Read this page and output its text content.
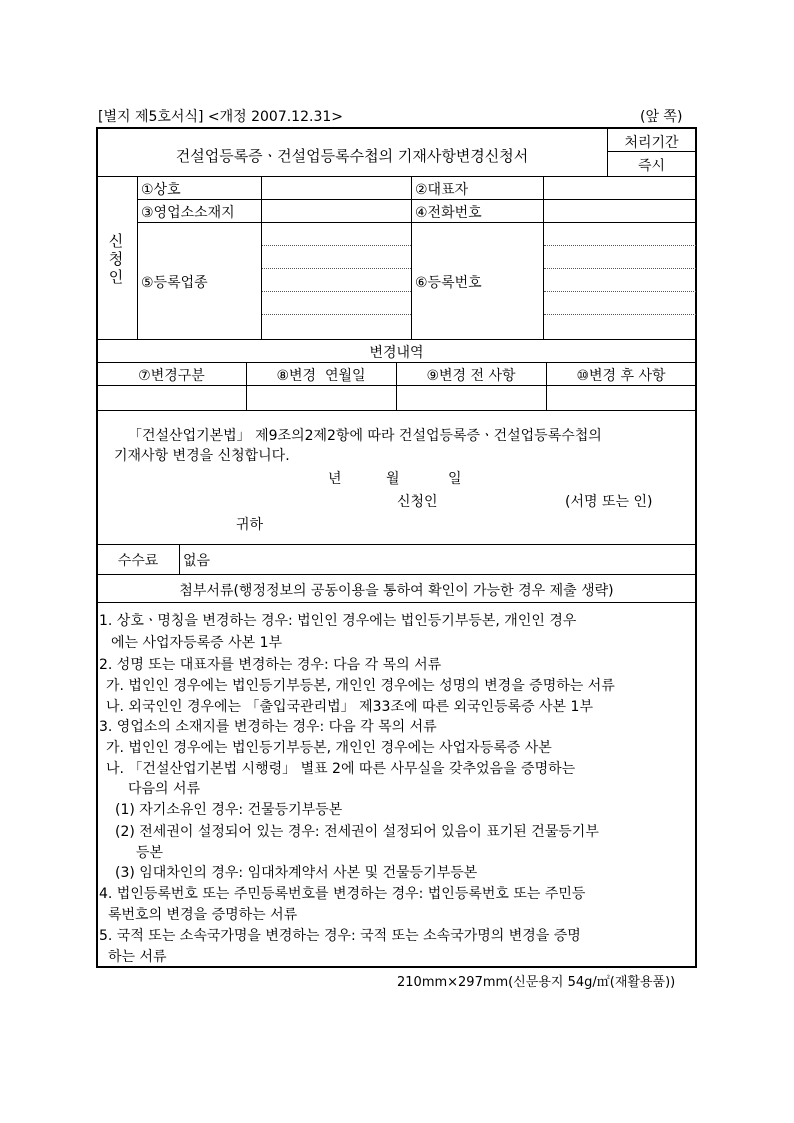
[별지 제5호서식] <개정 2007.12.31>	(앞 쪽)
건설업등록증ㆍ건설업등록수첩의 기재사항변경신청서
처리기간
즉시
신
청
인
①상호	②대표자
③영업소소재지	④전화번호
⑤등록업종	⑥등록번호
변경내역
⑦변경구분	⑧변경  연월일	⑨변경 전 사항	⑩변경 후 사항
「건설산업기본법」 제9조의2제2항에 따라 건설업등록증ㆍ건설업등록수첩의
기재사항 변경을 신청합니다.
년	월	일
신청인	(서명 또는 인)
귀하
수수료	없음
첨부서류(행정정보의 공동이용을 통하여 확인이 가능한 경우 제출 생략)
1. 상호ㆍ명칭을 변경하는 경우: 법인인 경우에는 법인등기부등본, 개인인 경우
에는 사업자등록증 사본 1부
2. 성명 또는 대표자를 변경하는 경우: 다음 각 목의 서류
가. 법인인 경우에는 법인등기부등본, 개인인 경우에는 성명의 변경을 증명하는 서류
나. 외국인인 경우에는 「출입국관리법」 제33조에 따른 외국인등록증 사본 1부
3. 영업소의 소재지를 변경하는 경우: 다음 각 목의 서류
가. 법인인 경우에는 법인등기부등본, 개인인 경우에는 사업자등록증 사본
나. 「건설산업기본법 시행령」 별표 2에 따른 사무실을 갖추었음을 증명하는
다음의 서류
(1) 자기소유인 경우: 건물등기부등본
(2) 전세권이 설정되어 있는 경우: 전세권이 설정되어 있음이 표기된 건물등기부
등본
(3) 임대차인의 경우: 임대차계약서 사본 및 건물등기부등본
4. 법인등록번호 또는 주민등록번호를 변경하는 경우: 법인등록번호 또는 주민등
록번호의 변경을 증명하는 서류
5. 국적 또는 소속국가명을 변경하는 경우: 국적 또는 소속국가명의 변경을 증명
하는 서류
210mm×297mm(신문용지 54g/㎡(재활용품))
